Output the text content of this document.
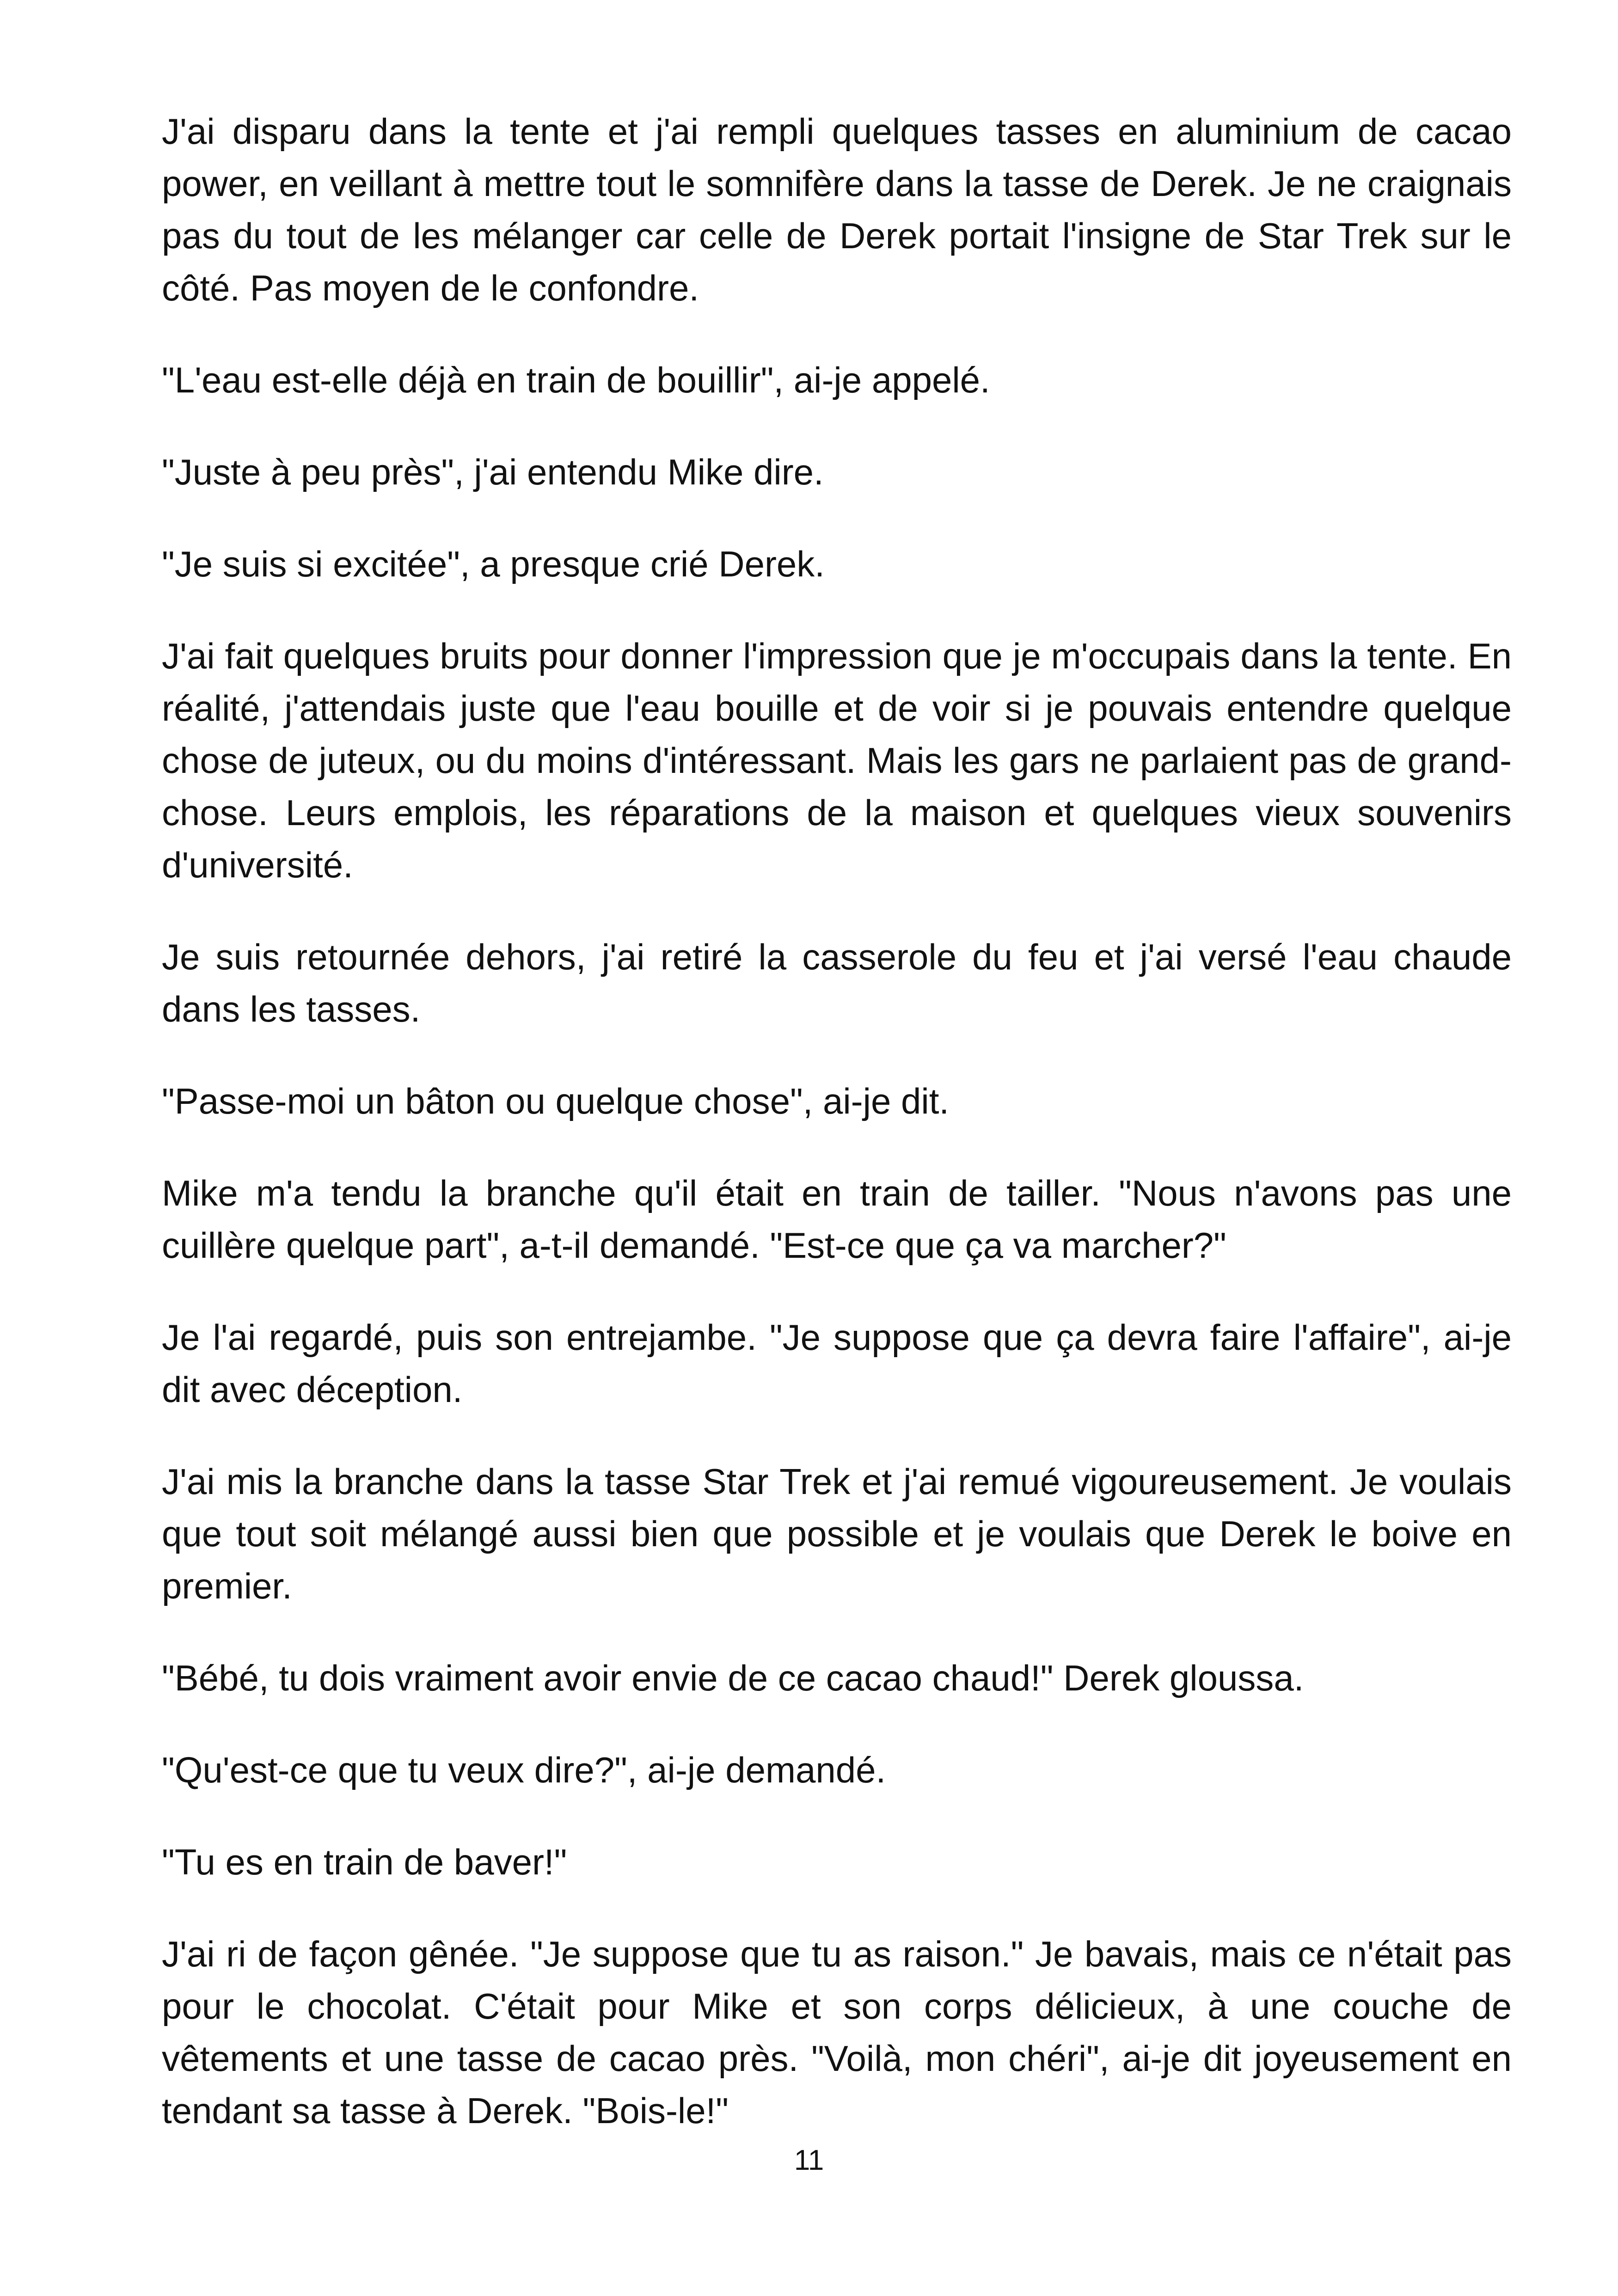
J'ai disparu dans la tente et j'ai rempli quelques tasses en aluminium de cacao power, en veillant à mettre tout le somnifère dans la tasse de Derek. Je ne craignais pas du tout de les mélanger car celle de Derek portait l'insigne de Star Trek sur le côté. Pas moyen de le confondre.

"L'eau est-elle déjà en train de bouillir", ai-je appelé.

"Juste à peu près", j'ai entendu Mike dire.

"Je suis si excitée", a presque crié Derek.

J'ai fait quelques bruits pour donner l'impression que je m'occupais dans la tente. En réalité, j'attendais juste que l'eau bouille et de voir si je pouvais entendre quelque chose de juteux, ou du moins d'intéressant. Mais les gars ne parlaient pas de grand-chose. Leurs emplois, les réparations de la maison et quelques vieux souvenirs d'université.

Je suis retournée dehors, j'ai retiré la casserole du feu et j'ai versé l'eau chaude dans les tasses.

"Passe-moi un bâton ou quelque chose", ai-je dit.

Mike m'a tendu la branche qu'il était en train de tailler. "Nous n'avons pas une cuillère quelque part", a-t-il demandé. "Est-ce que ça va marcher?"

Je l'ai regardé, puis son entrejambe. "Je suppose que ça devra faire l'affaire", ai-je dit avec déception.

J'ai mis la branche dans la tasse Star Trek et j'ai remué vigoureusement. Je voulais que tout soit mélangé aussi bien que possible et je voulais que Derek le boive en premier.

"Bébé, tu dois vraiment avoir envie de ce cacao chaud!" Derek gloussa.

"Qu'est-ce que tu veux dire?", ai-je demandé.

"Tu es en train de baver!"

J'ai ri de façon gênée. "Je suppose que tu as raison." Je bavais, mais ce n'était pas pour le chocolat. C'était pour Mike et son corps délicieux, à une couche de vêtements et une tasse de cacao près. "Voilà, mon chéri", ai-je dit joyeusement en tendant sa tasse à Derek. "Bois-le!"

11
